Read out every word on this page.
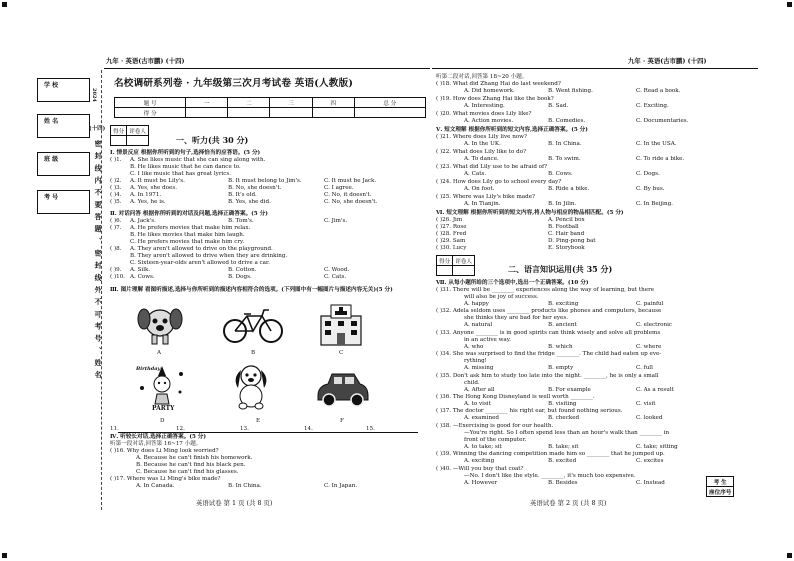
九年 · 英语(古市鹏) (十四)	九年 · 英语(古市鹏) (十四)
学 校
姓 名
班 级
考 号
2024
(十四)
密 封 线 内 不 要 答 题 、 密 封 线 外 不 可 考 号 、 姓 名
名校调研系列卷 · 九年级第三次月考试卷 英语(人教版)
题 号	一	二	三	四	总 分
得 分					
得分	评卷人

一、听力(共 30 分)
Ⅰ. 情景反应 根据你所听到的句子,选择恰当的应答语。(5 分)
( )1. A. She likes music that she can sing along with.
B. He likes music that he can dance to.
C. I like music that has great lyrics.
( )2. A. It must be Lily's.	B. It must belong to Jim's.	C. It must be Jack.
( )3. A. Yes, she does.	B. No, she doesn't.	C. I agree.
( )4. A. In 1971.	B. It's old.	C. No, it doesn't.
( )5. A. Yes, he is.	B. Yes, she did.	C. No, she doesn't.
Ⅱ. 对话问答 根据你所听到的对话及问题,选择正确答案。(5 分)
( )6. A. Jack's.	B. Tom's.	C. Jim's.
( )7. A. He prefers movies that make him relax.
B. He likes movies that make him laugh.
C. He prefers movies that make him cry.
( )8. A. They aren't allowed to drive on the playground.
B. They aren't allowed to drive when they are drinking.
C. Sixteen-year-olds aren't allowed to drive a car.
( )9. A. Silk.	B. Cotton.	C. Wood.
( )10. A. Cows.	B. Dogs.	C. Cats.
Ⅲ. 图片理解 看图听描述,选择与你所听到的描述内容相符合的选项。(下列图中有一幅图片与描述内容无关)(5 分)
A	B	C
Birthday
PARTY
D	E	F
11.	12.	13.	14.	15.
Ⅳ. 听较长对话,选择正确答案。(5 分)
听第一段对话,回答第 16~17 小题。
( )16. Why does Li Ming look worried?
A. Because he can't finish his homework.
B. Because he can't find his black pen.
C. Because he can't find his glasses.
( )17. Where was Li Ming's bike made?
A. In Canada.	B. In China.	C. In Japan.
英语试卷 第 1 页 (共 8 页)
听第二段对话,回答第 18~20 小题。
( )18. What did Zhang Hai do last weekend?
A. Did homework.	B. Went fishing.	C. Read a book.
( )19. How does Zhang Hai like the book?
A. Interesting.	B. Sad.	C. Exciting.
( )20. What movies does Lily like?
A. Action movies.	B. Comedies.	C. Documentaries.
Ⅴ. 短文理解 根据你所听到的短文内容,选择正确答案。(5 分)
( )21. Where does Lily live now?
A. In the UK.	B. In China.	C. In the USA.
( )22. What does Lily like to do?
A. To dance.	B. To swim.	C. To ride a bike.
( )23. What did Lily use to be afraid of?
A. Cats.	B. Cows.	C. Dogs.
( )24. How does Lily go to school every day?
A. On foot.	B. Ride a bike.	C. By bus.
( )25. Where was Lily's bike made?
A. In Tianjin.	B. In Jilin.	C. In Beijing.
Ⅵ. 短文理解 根据你所听到的短文内容,将人物与相应的物品相匹配。(5 分)
( )26. Jim	A. Pencil box
( )27. Rose	B. Football
( )28. Fred	C. Hair band
( )29. Sam	D. Ping-pong bat
( )30. Lucy	E. Storybook
得分	评卷人

二、语言知识运用(共 35 分)
Ⅶ. 从每小题所给的三个选项中,选出一个正确答案。(10 分)
( )31. There will be ________ experiences along the way of learning, but there
will also be joy of success.
A. happy	B. exciting	C. painful
( )32. Adela seldom uses ________ products like phones and computers, because
she thinks they are bad for her eyes.
A. natural	B. ancient	C. electronic
( )33. Anyone ________ is in good spirits can think wisely and solve all problems
in an active way.
A. who	B. which	C. where
( )34. She was surprised to find the fridge ________. The child had eaten up eve-
rything!
A. missing	B. empty	C. full
( )35. Don't ask him to study too late into the night. ________, he is only a small
child.
A. After all	B. For example	C. As a result
( )36. The Hong Kong Disneyland is well worth ________.
A. to visit	B. visiting	C. visit
( )37. The doctor ________ his right ear, but found nothing serious.
A. examined	B. checked	C. looked
( )38. —Exercising is good for our health.
—You're right. So I often spend less than an hour's walk than ________ in
front of the computer.
A. to take; sit	B. take; sit	C. take; sitting
( )39. Winning the dancing competition made him so ________ that he jumped up.
A. exciting	B. excited	C. excites
( )40. —Will you buy that coat?
—No. I don't like the style. ________, it's much too expensive.
A. However	B. Besides	C. Instead	考 生
座位序号
英语试卷 第 2 页 (共 8 页)
